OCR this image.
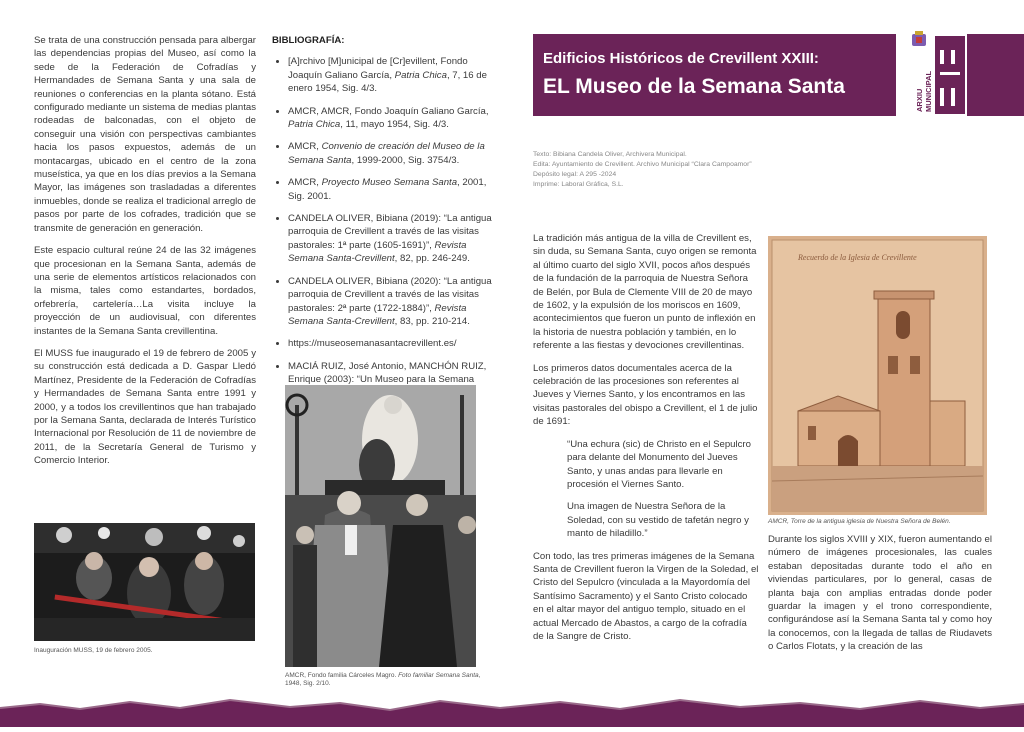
Se trata de una construcción pensada para albergar las dependencias propias del Museo, así como la sede de la Federación de Cofradías y Hermandades de Semana Santa y una sala de reuniones o conferencias en la planta sótano. Está configurado mediante un sistema de medias plantas rodeadas de balconadas, con el objeto de conseguir una visión con perspectivas cambiantes hacia los pasos expuestos, además de un montacargas, ubicado en el centro de la zona museística, ya que en los días previos a la Semana Mayor, las imágenes son trasladadas a diferentes inmuebles, donde se realiza el tradicional arreglo de pasos por parte de los cofrades, tradición que se transmite de generación en generación.

Este espacio cultural reúne 24 de las 32 imágenes que procesionan en la Semana Santa, además de una serie de elementos artísticos relacionados con la misma, tales como estandartes, bordados, orfebrería, cartelería…La visita incluye la proyección de un audiovisual, con diferentes instantes de la Semana Santa crevillentina.

El MUSS fue inaugurado el 19 de febrero de 2005 y su construcción está dedicada a D. Gaspar Lledó Martínez, Presidente de la Federación de Cofradías y Hermandades de Semana Santa entre 1991 y 2000, y a todos los crevillentinos que han trabajado por la Semana Santa, declarada de Interés Turístico Internacional por Resolución de 11 de noviembre de 2011, de la Secretaría General de Turismo y Comercio Interior.

Inauguración MUSS, 19 de febrero 2005.
BIBLIOGRAFÍA:
• [A]rchivo [M]unicipal de [Cr]evillent, Fondo Joaquín Galiano García, Patria Chica, 7, 16 de enero 1954, Sig. 4/3.
• AMCR, AMCR, Fondo Joaquín Galiano García, Patria Chica, 11, mayo 1954, Sig. 4/3.
• AMCR, Convenio de creación del Museo de la Semana Santa, 1999-2000, Sig. 3754/3.
• AMCR, Proyecto Museo Semana Santa, 2001, Sig. 2001.
• CANDELA OLIVER, Bibiana (2019): “La antigua parroquia de Crevillent a través de las visitas pastorales: 1ª parte (1605-1691)”, Revista Semana Santa-Crevillent, 82, pp. 246-249.
• CANDELA OLIVER, Bibiana (2020): “La antigua parroquia de Crevillent a través de las visitas pastorales: 2ª parte (1722-1884)”, Revista Semana Santa-Crevillent, 83, pp. 210-214.
• https://museosemanasantacrevillent.es/
• MACIÁ RUIZ, José Antonio, MANCHÓN RUIZ, Enrique (2003): “Un Museo para la Semana
AMCR, Fondo familia Cárceles Magro. Foto familiar Semana Santa, 1948, Sig. 2/10.
Edificios Históricos de Crevillent XXIII:
EL Museo de la Semana Santa
ARXIU MUNICIPAL
Texto: Bibiana Candela Oliver, Archivera Municipal.
Edita: Ayuntamiento de Crevillent. Archivo Municipal “Clara Campoamor”
Depósito legal: A 295 -2024
Imprime: Laboral Gráfica, S.L.

La tradición más antigua de la villa de Crevillent es, sin duda, su Semana Santa, cuyo origen se remonta al último cuarto del siglo XVII, pocos años después de la fundación de la parroquia de Nuestra Señora de Belén, por Bula de Clemente VIII de 20 de mayo de 1602, y la expulsión de los moriscos en 1609, acontecimientos que fueron un punto de inflexión en la historia de nuestra población y también, en lo referente a las fiestas y devociones crevillentinas.

Los primeros datos documentales acerca de la celebración de las procesiones son referentes al Jueves y Viernes Santo, y los encontramos en las visitas pastorales del obispo a Crevillent, el 1 de julio de 1691:

“Una echura (sic) de Christo en el Sepulcro para delante del Monumento del Jueves Santo, y unas andas para llevarle en procesión el Viernes Santo.
Una imagen de Nuestra Señora de la Soledad, con su vestido de tafetán negro y manto de hiladillo.”

Con todo, las tres primeras imágenes de la Semana Santa de Crevillent fueron la Virgen de la Soledad, el Cristo del Sepulcro (vinculada a la Mayordomía del Santísimo Sacramento) y el Santo Cristo colocado en el altar mayor del antiguo templo, situado en el actual Mercado de Abastos, a cargo de la cofradía de la Sangre de Cristo.

Recuerdo de la Iglesia de Crevillente
AMCR, Torre de la antigua iglesia de Nuestra Señora de Belén.

Durante los siglos XVIII y XIX, fueron aumentando el número de imágenes procesionales, las cuales estaban depositadas durante todo el año en viviendas particulares, por lo general, casas de planta baja con amplias entradas donde poder guardar la imagen y el trono correspondiente, configurándose así la Semana Santa tal y como hoy la conocemos, con la llegada de tallas de Riudavets o Carlos Flotats, y la creación de las
